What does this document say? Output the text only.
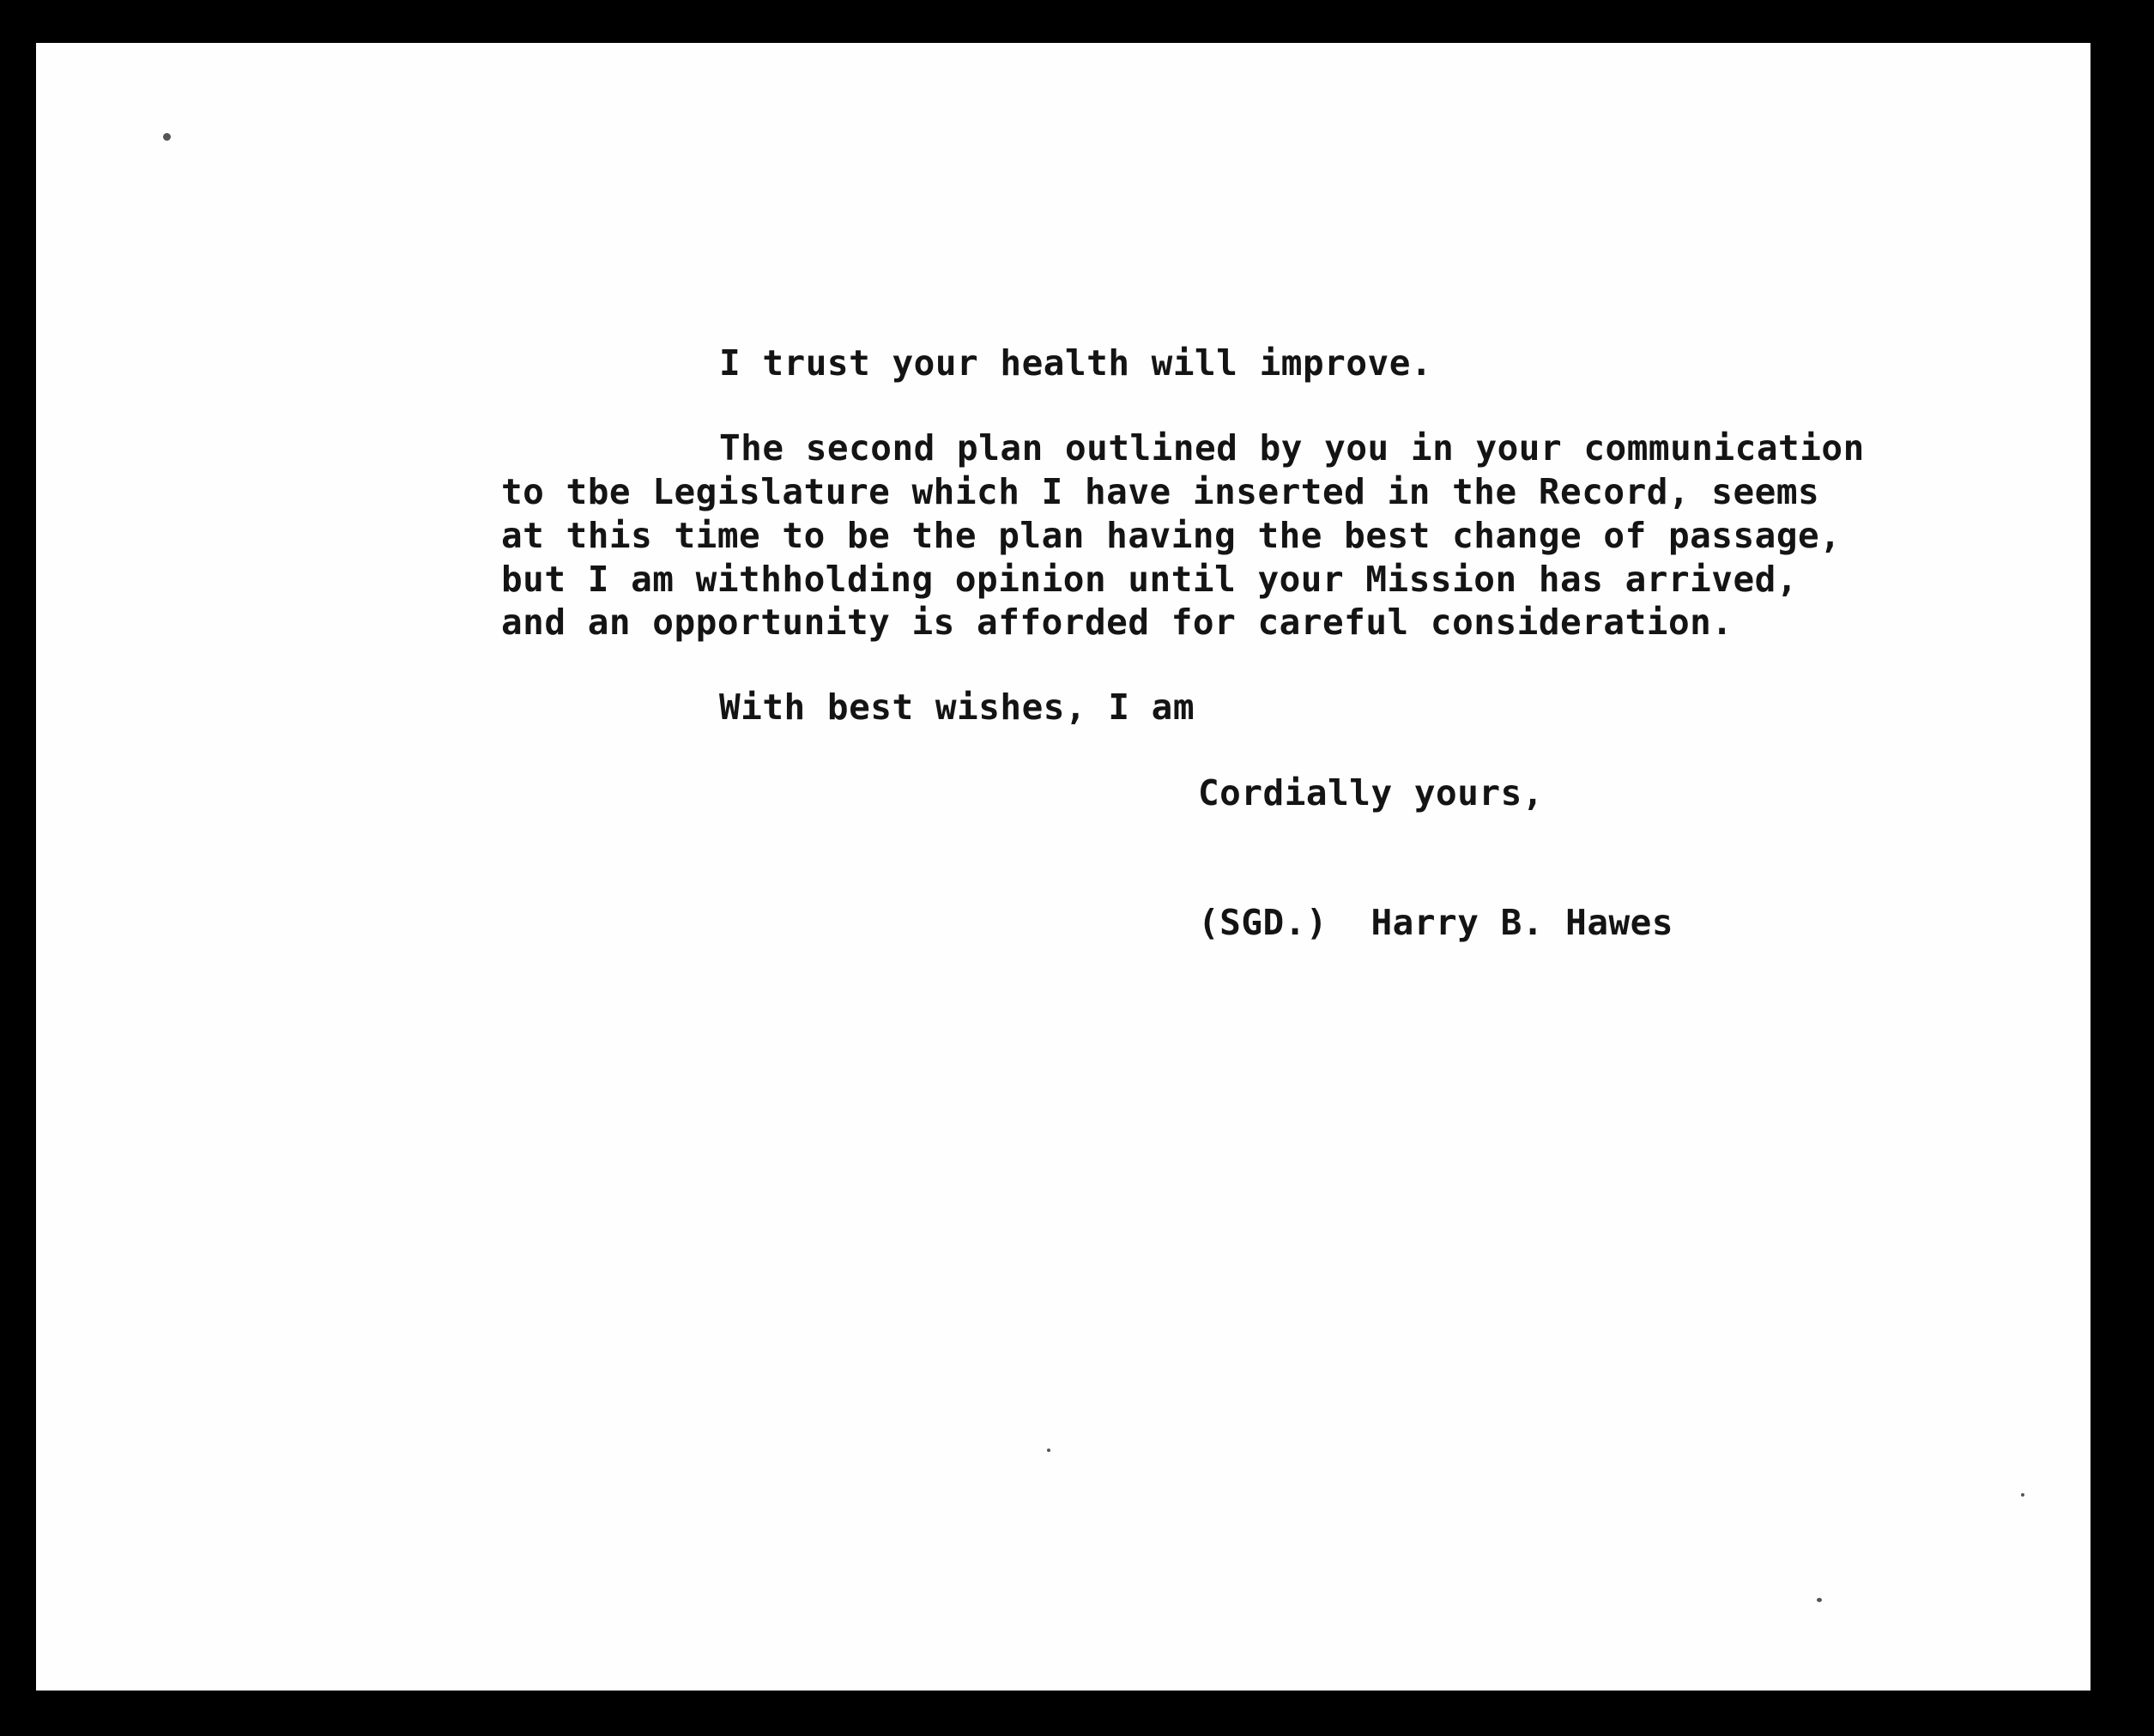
I trust your health will improve.

The second plan outlined by you in your communication

to tbe Legislature which I have inserted in the Record, seems

at this time to be the plan having the best change of passage,

but I am withholding opinion until your Mission has arrived,

and an opportunity is afforded for careful consideration.

With best wishes, I am

Cordially yours,

(SGD.)  Harry B. Hawes
